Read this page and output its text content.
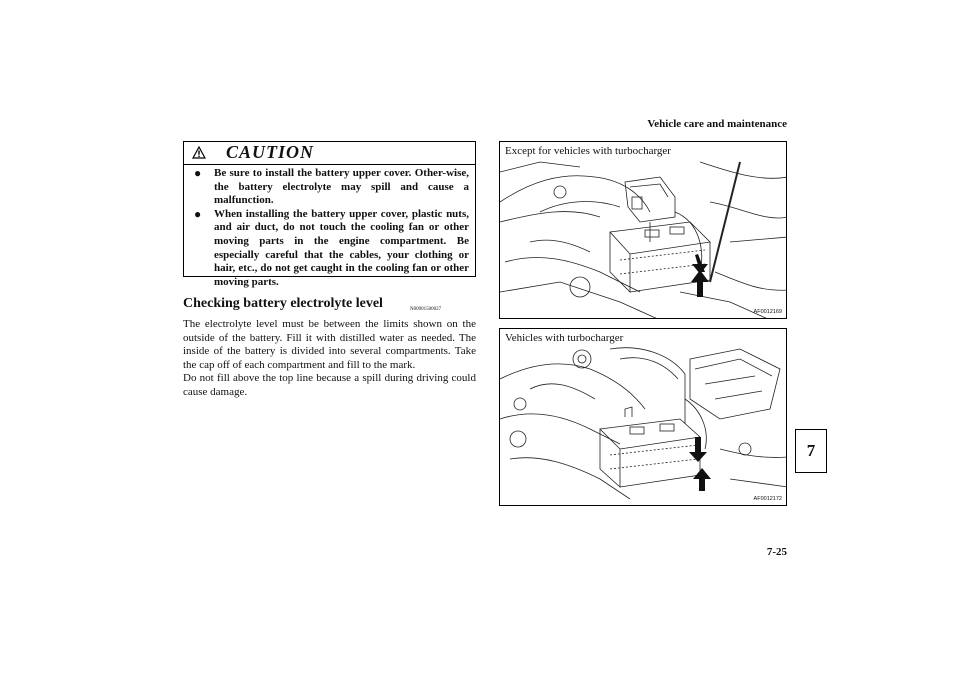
Vehicle care and maintenance
CAUTION
● Be sure to install the battery upper cover. Other-wise, the battery electrolyte may spill and cause a malfunction.
● When installing the battery upper cover, plastic nuts, and air duct, do not touch the cooling fan or other moving parts in the engine compartment. Be especially careful that the cables, your clothing or hair, etc., do not get caught in the cooling fan or other moving parts.
Checking battery electrolyte level	N00901500027

The electrolyte level must be between the limits shown on the outside of the battery. Fill it with distilled water as needed. The inside of the battery is divided into several compartments. Take the cap off of each compartment and fill to the mark.

Do not fill above the top line because a spill during driving could cause damage.

Except for vehicles with turbocharger
AF0012169
Vehicles with turbocharger
AF0012172
7
7-25
